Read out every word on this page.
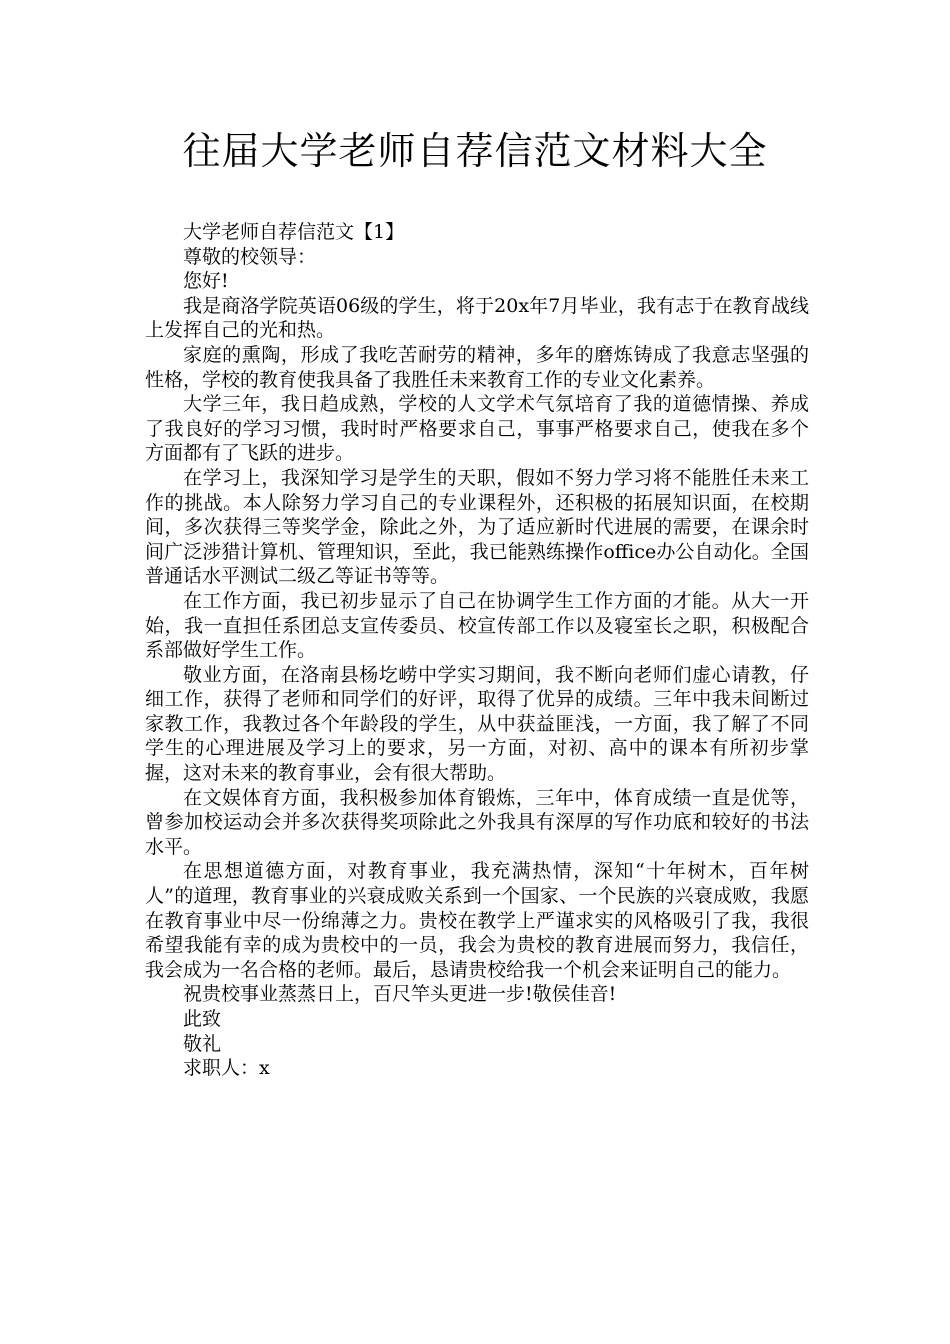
往届大学老师自荐信范文材料大全

大学老师自荐信范文【1】

尊敬的校领导：

您好!

我是商洛学院英语06级的学生，将于20x年7月毕业，我有志于在教育战线上发挥自己的光和热。

家庭的熏陶，形成了我吃苦耐劳的精神，多年的磨炼铸成了我意志坚强的性格，学校的教育使我具备了我胜任未来教育工作的专业文化素养。

大学三年，我日趋成熟，学校的人文学术气氛培育了我的道德情操、养成了我良好的学习习惯，我时时严格要求自己，事事严格要求自己，使我在多个方面都有了飞跃的进步。

在学习上，我深知学习是学生的天职，假如不努力学习将不能胜任未来工作的挑战。本人除努力学习自己的专业课程外，还积极的拓展知识面，在校期间，多次获得三等奖学金，除此之外，为了适应新时代进展的需要，在课余时间广泛涉猎计算机、管理知识，至此，我已能熟练操作office办公自动化。全国普通话水平测试二级乙等证书等等。

在工作方面，我已初步显示了自己在协调学生工作方面的才能。从大一开始，我一直担任系团总支宣传委员、校宣传部工作以及寝室长之职，积极配合系部做好学生工作。

敬业方面，在洛南县杨圪崂中学实习期间，我不断向老师们虚心请教，仔细工作，获得了老师和同学们的好评，取得了优异的成绩。三年中我未间断过家教工作，我教过各个年龄段的学生，从中获益匪浅，一方面，我了解了不同学生的心理进展及学习上的要求，另一方面，对初、高中的课本有所初步掌握，这对未来的教育事业，会有很大帮助。

在文娱体育方面，我积极参加体育锻炼，三年中，体育成绩一直是优等，曾参加校运动会并多次获得奖项除此之外我具有深厚的写作功底和较好的书法水平。

在思想道德方面，对教育事业，我充满热情，深知“十年树木，百年树人”的道理，教育事业的兴衰成败关系到一个国家、一个民族的兴衰成败，我愿在教育事业中尽一份绵薄之力。贵校在教学上严谨求实的风格吸引了我，我很希望我能有幸的成为贵校中的一员，我会为贵校的教育进展而努力，我信任，我会成为一名合格的老师。最后，恳请贵校给我一个机会来证明自己的能力。

祝贵校事业蒸蒸日上，百尺竿头更进一步!敬侯佳音!

此致

敬礼

求职人：x
